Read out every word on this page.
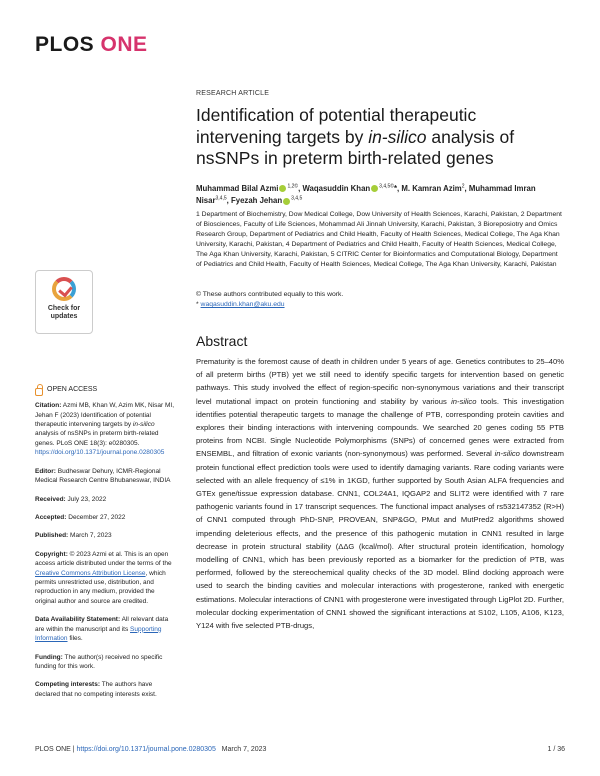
PLOS ONE
Check for
updates
OPEN ACCESS

Citation: Azmi MB, Khan W, Azim MK, Nisar MI, Jehan F (2023) Identification of potential therapeutic intervening targets by in-silico analysis of nsSNPs in preterm birth-related genes. PLoS ONE 18(3): e0280305. https://doi.org/10.1371/journal.pone.0280305

Editor: Budheswar Dehury, ICMR-Regional Medical Research Centre Bhubaneswar, INDIA

Received: July 23, 2022

Accepted: December 27, 2022

Published: March 7, 2023

Copyright: © 2023 Azmi et al. This is an open access article distributed under the terms of the Creative Commons Attribution License, which permits unrestricted use, distribution, and reproduction in any medium, provided the original author and source are credited.

Data Availability Statement: All relevant data are within the manuscript and its Supporting Information files.

Funding: The author(s) received no specific funding for this work.

Competing interests: The authors have declared that no competing interests exist.

RESEARCH ARTICLE
Identification of potential therapeutic
intervening targets by in-silico analysis of
nsSNPs in preterm birth-related genes
Muhammad Bilal Azmi $^{1,2©}$, Waqasuddin Khan $^{3,4,5©}$*, M. Kamran Azim$^2$, Muhammad Imran Nisar$^{3,4,5}$, Fyezah Jehan $^{3,4,5}$
1 Department of Biochemistry, Dow Medical College, Dow University of Health Sciences, Karachi, Pakistan, 2 Department of Biosciences, Faculty of Life Sciences, Mohammad Ali Jinnah University, Karachi, Pakistan, 3 Bioreposiotry and Omics Research Group, Department of Pediatrics and Child Health, Faculty of Health Sciences, Medical College, The Aga Khan University, Karachi, Pakistan, 4 Department of Pediatrics and Child Health, Faculty of Health Sciences, Medical College, The Aga Khan University, Karachi, Pakistan, 5 CITRIC Center for Bioinformatics and Computational Biology, Department of Pediatrics and Child Health, Faculty of Health Sciences, Medical College, The Aga Khan University, Karachi, Pakistan
© These authors contributed equally to this work.
* waqasuddin.khan@aku.edu
Abstract
Prematurity is the foremost cause of death in children under 5 years of age. Genetics contributes to 25–40% of all preterm births (PTB) yet we still need to identify specific targets for intervention based on genetic pathways. This study involved the effect of region-specific non-synonymous variations and their transcript level mutational impact on protein functioning and stability by various in-silico tools. This investigation identifies potential therapeutic targets to manage the challenge of PTB, corresponding protein cavities and explores their binding interactions with intervening compounds. We searched 20 genes coding 55 PTB proteins from NCBI. Single Nucleotide Polymorphisms (SNPs) of concerned genes were extracted from ENSEMBL, and filtration of exonic variants (non-synonymous) was performed. Several in-silico downstream protein functional effect prediction tools were used to identify damaging variants. Rare coding variants were selected with an allele frequency of ≤1% in 1KGD, further supported by South Asian ALFA frequencies and GTEx gene/tissue expression database. CNN1, COL24A1, IQGAP2 and SLIT2 were identified with 7 rare pathogenic variants found in 17 transcript sequences. The functional impact analyses of rs532147352 (R>H) of CNN1 computed through PhD-SNP, PROVEAN, SNP&GO, PMut and MutPred2 algorithms showed impending deleterious effects, and the presence of this pathogenic mutation in CNN1 resulted in large decrease in protein structural stability (ΔΔG (kcal/mol). After structural protein identification, homology modelling of CNN1, which has been previously reported as a biomarker for the prediction of PTB, was performed, followed by the stereochemical quality checks of the 3D model. Blind docking approach were used to search the binding cavities and molecular interactions with progesterone, ranked with energetic estimations. Molecular interactions of CNN1 with progesterone were investigated through LigPlot 2D. Further, molecular docking experimentation of CNN1 showed the significant interactions at S102, L105, A106, K123, Y124 with five selected PTB-drugs,
PLOS ONE | https://doi.org/10.1371/journal.pone.0280305   March 7, 2023	1 / 36
